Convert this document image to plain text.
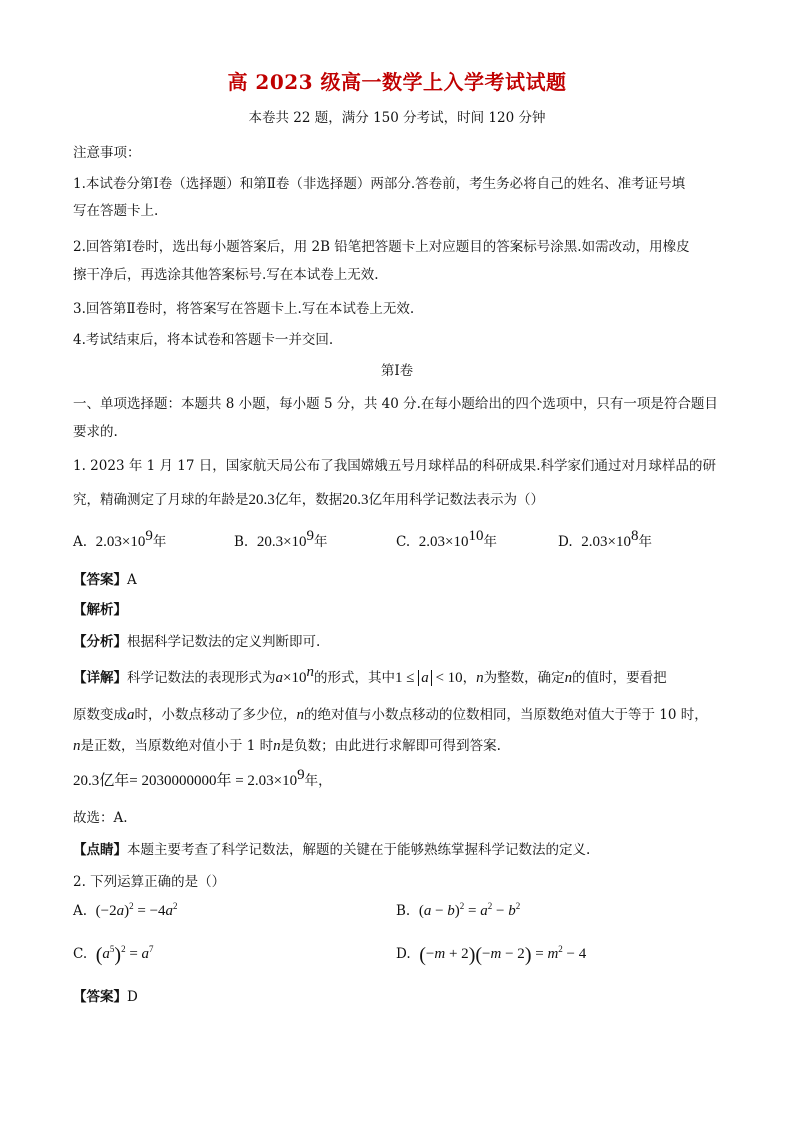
高 2023 级高一数学上入学考试试题
本卷共 22 题，满分 150 分考试，时间 120 分钟
注意事项：
1.本试卷分第Ⅰ卷（选择题）和第Ⅱ卷（非选择题）两部分.答卷前，考生务必将自己的姓名、准考证号填
写在答题卡上.
2.回答第Ⅰ卷时，选出每小题答案后，用 2B 铅笔把答题卡上对应题目的答案标号涂黑.如需改动，用橡皮
擦干净后，再选涂其他答案标号.写在本试卷上无效.
3.回答第Ⅱ卷时，将答案写在答题卡上.写在本试卷上无效.
4.考试结束后，将本试卷和答题卡一并交回.
第Ⅰ卷
一、单项选择题：本题共 8 小题，每小题 5 分，共 40 分.在每小题给出的四个选项中，只有一项是符合题目
要求的.
1. 2023 年 1 月 17 日，国家航天局公布了我国嫦娥五号月球样品的科研成果.科学家们通过对月球样品的研
究，精确测定了月球的年龄是20.3亿年，数据20.3亿年用科学记数法表示为（）
A. $2.03\times 10^9$年	B. $20.3\times 10^9$年	C. $2.03\times 10^{10}$年	D. $2.03\times 10^8$年
【答案】A
【解析】
【分析】根据科学记数法的定义判断即可.
【详解】科学记数法的表现形式为$a\times 10^n$的形式，其中1 ≤ a < 10，n为整数，确定n的值时，要看把
原数变成a时，小数点移动了多少位，n的绝对值与小数点移动的位数相同，当原数绝对值大于等于 10 时，
n是正数，当原数绝对值小于 1 时n是负数；由此进行求解即可得到答案.
20.3亿年= 2030000000年 = $2.03\times 10^9$年，
故选：A.
【点睛】本题主要考查了科学记数法，解题的关键在于能够熟练掌握科学记数法的定义.
2. 下列运算正确的是（）
A. $(-2a)^2 = -4a^2$	B. $(a - b)^2 = a^2 - b^2$
C. $(a^5)^2 = a^7$	D. $(-m + 2)(-m - 2) = m^2 - 4$
【答案】D
